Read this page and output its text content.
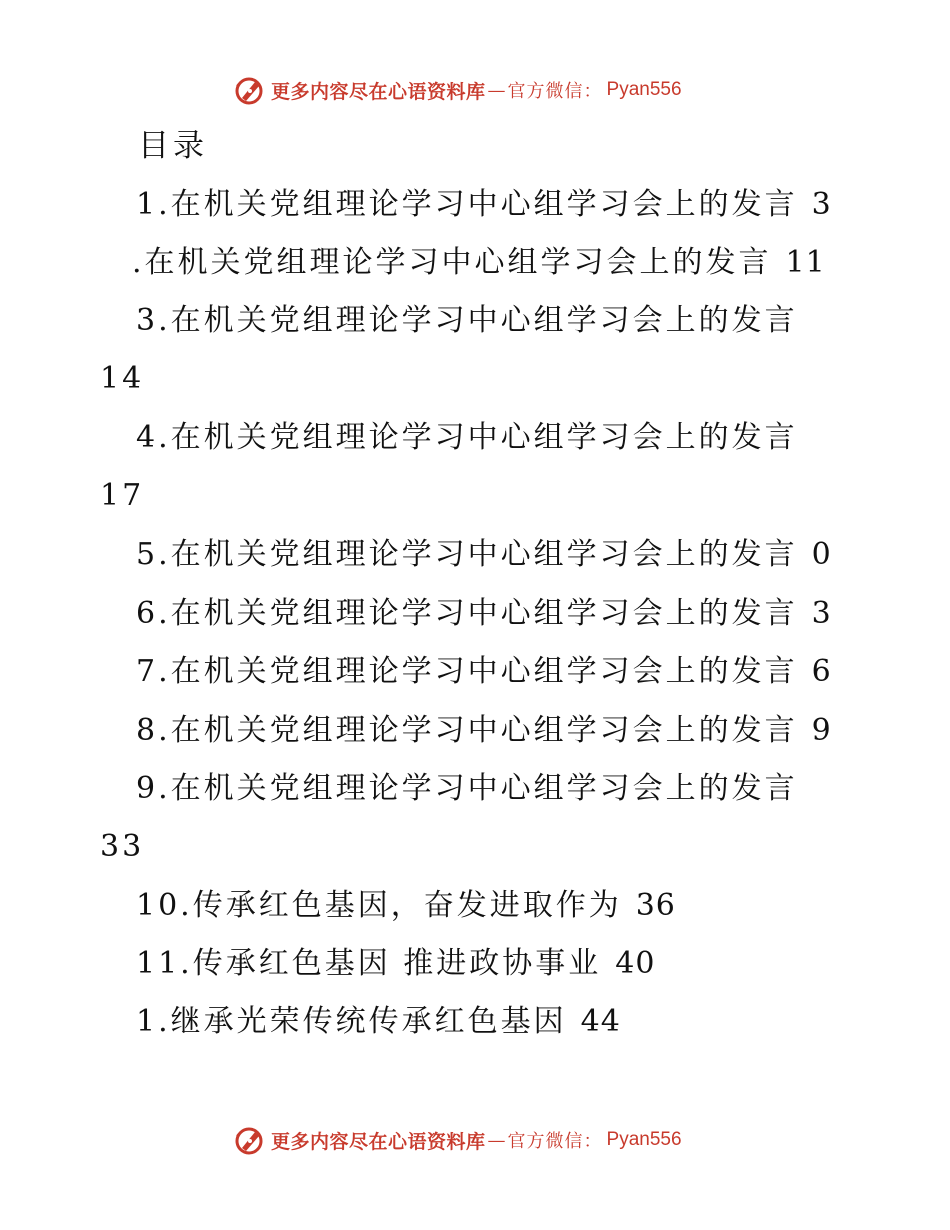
更多内容尽在心语资料库 — 官方微信： Pyan556
目录
1.在机关党组理论学习中心组学习会上的发言 3
.在机关党组理论学习中心组学习会上的发言 11
3.在机关党组理论学习中心组学习会上的发言
14
4.在机关党组理论学习中心组学习会上的发言
17
5.在机关党组理论学习中心组学习会上的发言 0
6.在机关党组理论学习中心组学习会上的发言 3
7.在机关党组理论学习中心组学习会上的发言 6
8.在机关党组理论学习中心组学习会上的发言 9
9.在机关党组理论学习中心组学习会上的发言
33
10.传承红色基因，奋发进取作为 36
11.传承红色基因 推进政协事业 40
1.继承光荣传统传承红色基因 44
更多内容尽在心语资料库 — 官方微信： Pyan556
